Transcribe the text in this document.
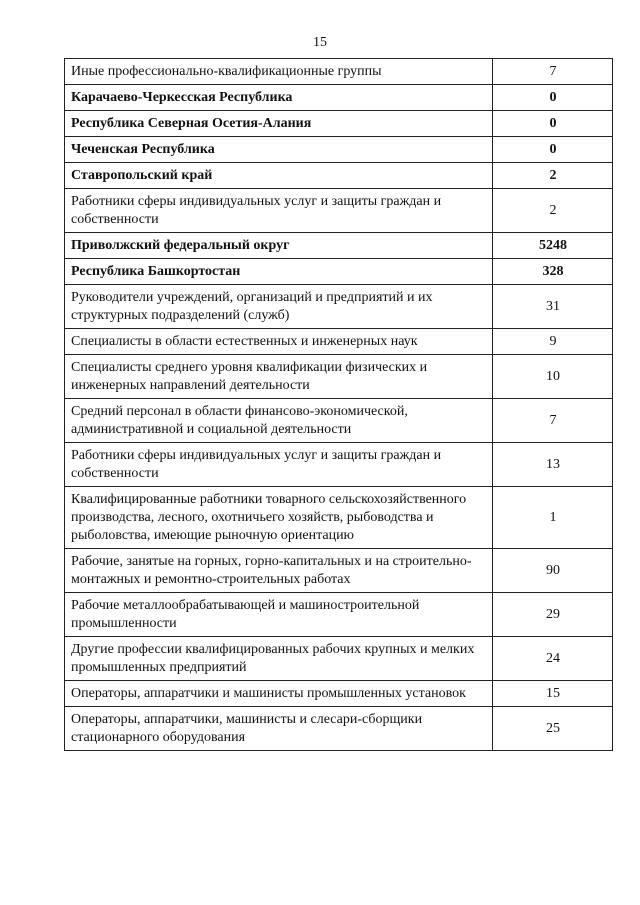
15
Иные профессионально-квалификационные группы	7
Карачаево-Черкесская Республика	0
Республика Северная Осетия-Алания	0
Чеченская Республика	0
Ставропольский край	2
Работники сферы индивидуальных услуг и защиты граждан и собственности	2
Приволжский федеральный округ	5248
Республика Башкортостан	328
Руководители учреждений, организаций и предприятий и их структурных подразделений (служб)	31
Специалисты в области естественных и инженерных наук	9
Специалисты среднего уровня квалификации физических и инженерных направлений деятельности	10
Средний персонал в области финансово-экономической, административной и социальной деятельности	7
Работники сферы индивидуальных услуг и защиты граждан и собственности	13
Квалифицированные работники товарного сельскохозяйственного производства, лесного, охотничьего хозяйств, рыбоводства и рыболовства, имеющие рыночную ориентацию	1
Рабочие, занятые на горных, горно-капитальных и на строительно-монтажных и ремонтно-строительных работах	90
Рабочие металлообрабатывающей и машиностроительной промышленности	29
Другие профессии квалифицированных рабочих крупных и мелких промышленных предприятий	24
Операторы, аппаратчики и машинисты промышленных установок	15
Операторы, аппаратчики, машинисты и слесари-сборщики стационарного оборудования	25
